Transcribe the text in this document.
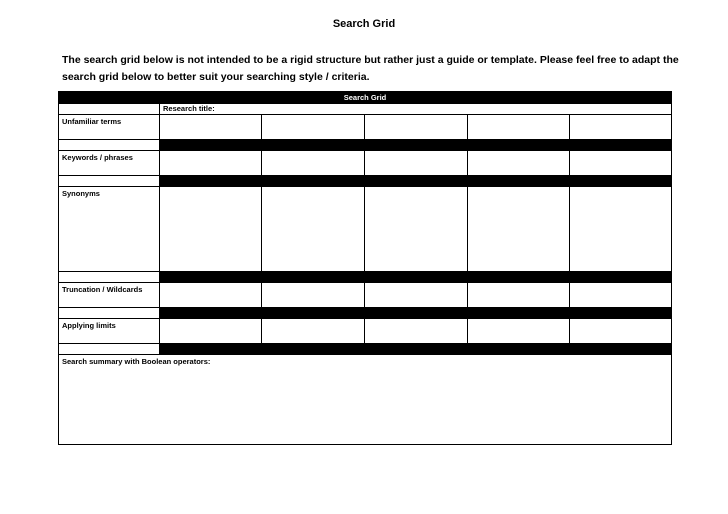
Search Grid
The search grid below is not intended to be a rigid structure but rather just a guide or template. Please feel free to adapt the search grid below to better suit your searching style / criteria.
Search Grid					
	Research title:				
Unfamiliar terms					

Keywords / phrases					

Synonyms					

Truncation / Wildcards					

Applying limits					

Search summary with Boolean operators:					
